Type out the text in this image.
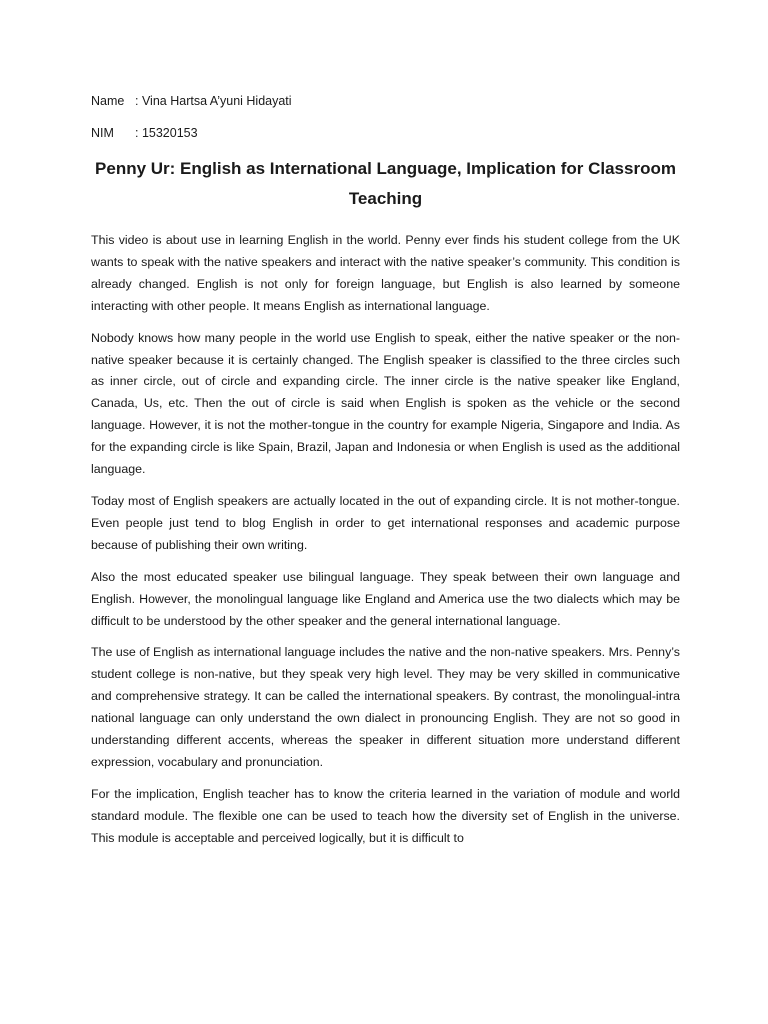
Name : Vina Hartsa A’yuni Hidayati
NIM	: 15320153
Penny Ur: English as International Language, Implication for Classroom Teaching

This video is about use in learning English in the world. Penny ever finds his student college from the UK wants to speak with the native speakers and interact with the native speaker’s community. This condition is already changed. English is not only for foreign language, but English is also learned by someone interacting with other people. It means English as international language.

Nobody knows how many people in the world use English to speak, either the native speaker or the non-native speaker because it is certainly changed. The English speaker is classified to the three circles such as inner circle, out of circle and expanding circle. The inner circle is the native speaker like England, Canada, Us, etc. Then the out of circle is said when English is spoken as the vehicle or the second language. However, it is not the mother-tongue in the country for example Nigeria, Singapore and India. As for the expanding circle is like Spain, Brazil, Japan and Indonesia or when English is used as the additional language.

Today most of English speakers are actually located in the out of expanding circle. It is not mother-tongue. Even people just tend to blog English in order to get international responses and academic purpose because of publishing their own writing.

Also the most educated speaker use bilingual language. They speak between their own language and English. However, the monolingual language like England and America use the two dialects which may be difficult to be understood by the other speaker and the general international language.

The use of English as international language includes the native and the non-native speakers. Mrs. Penny’s student college is non-native, but they speak very high level. They may be very skilled in communicative and comprehensive strategy. It can be called the international speakers. By contrast, the monolingual-intra national language can only understand the own dialect in pronouncing English. They are not so good in understanding different accents, whereas the speaker in different situation more understand different expression, vocabulary and pronunciation.

For the implication, English teacher has to know the criteria learned in the variation of module and world standard module. The flexible one can be used to teach how the diversity set of English in the universe. This module is acceptable and perceived logically, but it is difficult to
